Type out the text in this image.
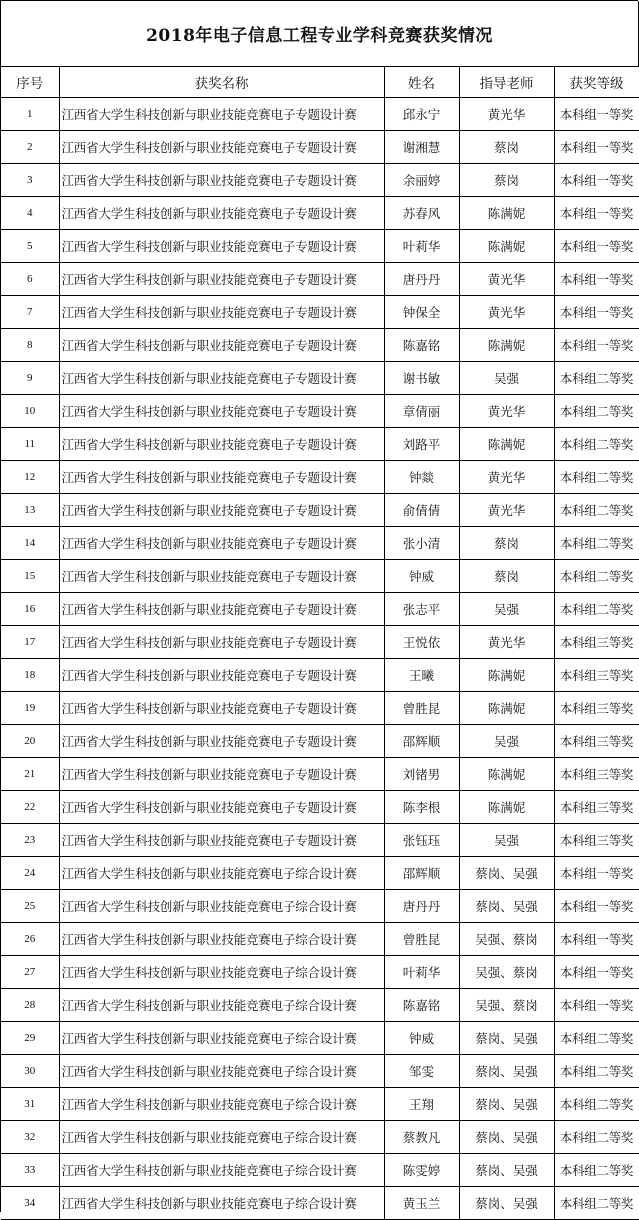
2018年电子信息工程专业学科竞赛获奖情况
序号	获奖名称	姓名	指导老师	获奖等级
1	江西省大学生科技创新与职业技能竞赛电子专题设计赛	邱永宁	黄光华	本科组一等奖
2	江西省大学生科技创新与职业技能竞赛电子专题设计赛	谢湘慧	蔡岗	本科组一等奖
3	江西省大学生科技创新与职业技能竞赛电子专题设计赛	余丽婷	蔡岗	本科组一等奖
4	江西省大学生科技创新与职业技能竞赛电子专题设计赛	苏春风	陈满妮	本科组一等奖
5	江西省大学生科技创新与职业技能竞赛电子专题设计赛	叶莉华	陈满妮	本科组一等奖
6	江西省大学生科技创新与职业技能竞赛电子专题设计赛	唐丹丹	黄光华	本科组一等奖
7	江西省大学生科技创新与职业技能竞赛电子专题设计赛	钟保全	黄光华	本科组一等奖
8	江西省大学生科技创新与职业技能竞赛电子专题设计赛	陈嘉铭	陈满妮	本科组一等奖
9	江西省大学生科技创新与职业技能竞赛电子专题设计赛	谢书敏	吴强	本科组二等奖
10	江西省大学生科技创新与职业技能竞赛电子专题设计赛	章倩丽	黄光华	本科组二等奖
11	江西省大学生科技创新与职业技能竞赛电子专题设计赛	刘路平	陈满妮	本科组二等奖
12	江西省大学生科技创新与职业技能竞赛电子专题设计赛	钟燚	黄光华	本科组二等奖
13	江西省大学生科技创新与职业技能竞赛电子专题设计赛	俞倩倩	黄光华	本科组二等奖
14	江西省大学生科技创新与职业技能竞赛电子专题设计赛	张小清	蔡岗	本科组二等奖
15	江西省大学生科技创新与职业技能竞赛电子专题设计赛	钟威	蔡岗	本科组二等奖
16	江西省大学生科技创新与职业技能竞赛电子专题设计赛	张志平	吴强	本科组二等奖
17	江西省大学生科技创新与职业技能竞赛电子专题设计赛	王悦依	黄光华	本科组三等奖
18	江西省大学生科技创新与职业技能竞赛电子专题设计赛	王曦	陈满妮	本科组三等奖
19	江西省大学生科技创新与职业技能竞赛电子专题设计赛	曾胜昆	陈满妮	本科组三等奖
20	江西省大学生科技创新与职业技能竞赛电子专题设计赛	邵辉顺	吴强	本科组三等奖
21	江西省大学生科技创新与职业技能竞赛电子专题设计赛	刘锗男	陈满妮	本科组三等奖
22	江西省大学生科技创新与职业技能竞赛电子专题设计赛	陈李根	陈满妮	本科组三等奖
23	江西省大学生科技创新与职业技能竞赛电子专题设计赛	张钰珏	吴强	本科组三等奖
24	江西省大学生科技创新与职业技能竞赛电子综合设计赛	邵辉顺	蔡岗、吴强	本科组一等奖
25	江西省大学生科技创新与职业技能竞赛电子综合设计赛	唐丹丹	蔡岗、吴强	本科组一等奖
26	江西省大学生科技创新与职业技能竞赛电子综合设计赛	曾胜昆	吴强、蔡岗	本科组一等奖
27	江西省大学生科技创新与职业技能竞赛电子综合设计赛	叶莉华	吴强、蔡岗	本科组一等奖
28	江西省大学生科技创新与职业技能竞赛电子综合设计赛	陈嘉铭	吴强、蔡岗	本科组一等奖
29	江西省大学生科技创新与职业技能竞赛电子综合设计赛	钟威	蔡岗、吴强	本科组二等奖
30	江西省大学生科技创新与职业技能竞赛电子综合设计赛	邹雯	蔡岗、吴强	本科组二等奖
31	江西省大学生科技创新与职业技能竞赛电子综合设计赛	王翔	蔡岗、吴强	本科组二等奖
32	江西省大学生科技创新与职业技能竞赛电子综合设计赛	蔡教凡	蔡岗、吴强	本科组二等奖
33	江西省大学生科技创新与职业技能竞赛电子综合设计赛	陈雯婷	蔡岗、吴强	本科组二等奖
34	江西省大学生科技创新与职业技能竞赛电子综合设计赛	黄玉兰	蔡岗、吴强	本科组二等奖
